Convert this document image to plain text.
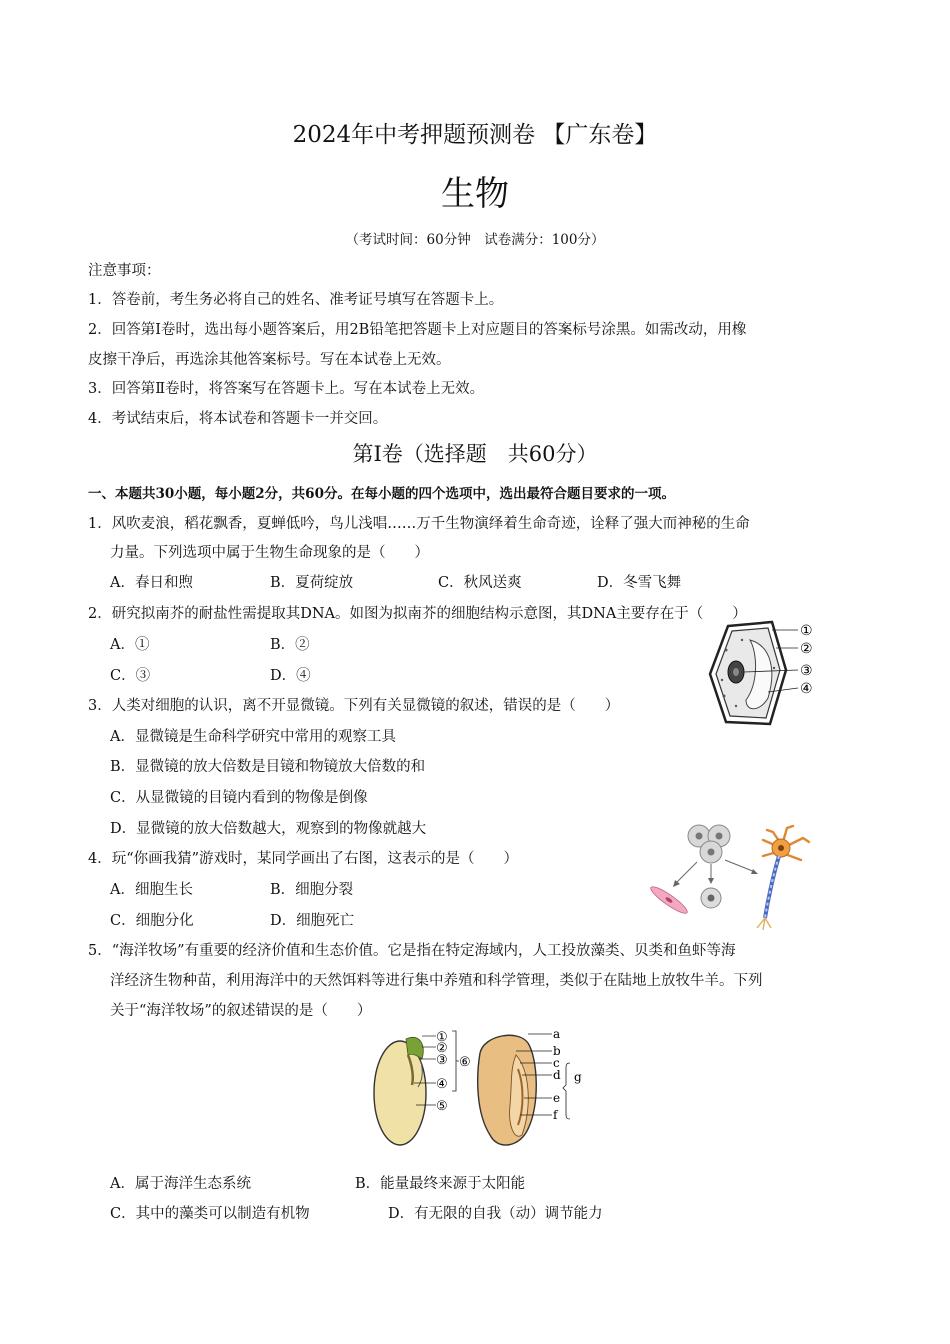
2024年中考押题预测卷 【广东卷】
生物
（考试时间：60分钟　试卷满分：100分）
注意事项：
1．答卷前，考生务必将自己的姓名、准考证号填写在答题卡上。
2．回答第Ⅰ卷时，选出每小题答案后，用2B铅笔把答题卡上对应题目的答案标号涂黑。如需改动，用橡
皮擦干净后，再选涂其他答案标号。写在本试卷上无效。
3．回答第Ⅱ卷时，将答案写在答题卡上。写在本试卷上无效。
4．考试结束后，将本试卷和答题卡一并交回。
第Ⅰ卷（选择题　共60分）
一、本题共30小题，每小题2分，共60分。在每小题的四个选项中，选出最符合题目要求的一项。
1．风吹麦浪，稻花飘香，夏蝉低吟，鸟儿浅唱……万千生物演绎着生命奇迹，诠释了强大而神秘的生命
力量。下列选项中属于生物生命现象的是（　　）
A．春日和煦	B．夏荷绽放	C．秋风送爽	D．冬雪飞舞
2．研究拟南芥的耐盐性需提取其DNA。如图为拟南芥的细胞结构示意图，其DNA主要存在于（　　）
A．①	B．②
C．③	D．④
①
②
③
④
3．人类对细胞的认识，离不开显微镜。下列有关显微镜的叙述，错误的是（　　）
A．显微镜是生命科学研究中常用的观察工具
B．显微镜的放大倍数是目镜和物镜放大倍数的和
C．从显微镜的目镜内看到的物像是倒像
D．显微镜的放大倍数越大，观察到的物像就越大
4．玩“你画我猜”游戏时，某同学画出了右图，这表示的是（　　）
A．细胞生长	B．细胞分裂
C．细胞分化	D．细胞死亡
5．“海洋牧场”有重要的经济价值和生态价值。它是指在特定海域内，人工投放藻类、贝类和鱼虾等海
洋经济生物种苗，利用海洋中的天然饵料等进行集中养殖和科学管理，类似于在陆地上放牧牛羊。下列
关于“海洋牧场”的叙述错误的是（　　）
①
②
③
④
⑤
⑥
a
b
c
d
e
f
g
A．属于海洋生态系统	B．能量最终来源于太阳能
C．其中的藻类可以制造有机物	D．有无限的自我（动）调节能力
